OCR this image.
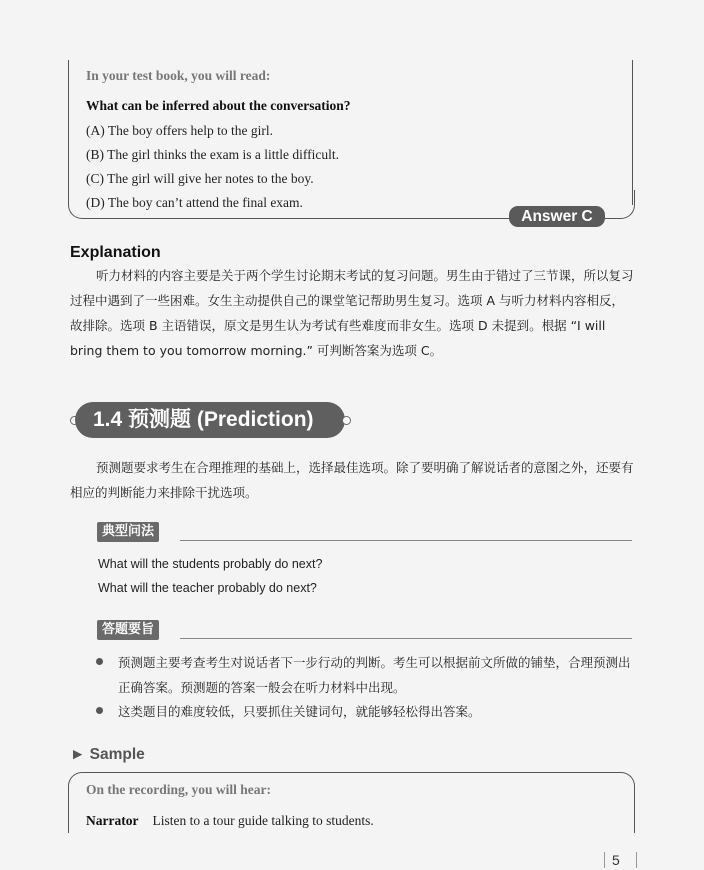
In your test book, you will read:
What can be inferred about the conversation?
(A) The boy offers help to the girl.
(B) The girl thinks the exam is a little difficult.
(C) The girl will give her notes to the boy.
(D) The boy can’t attend the final exam.
Answer C
Explanation
听力材料的内容主要是关于两个学生讨论期末考试的复习问题。男生由于错过了三节课，所以复习过程中遇到了一些困难。女生主动提供自己的课堂笔记帮助男生复习。选项 A 与听力材料内容相反，故排除。选项 B 主语错误，原文是男生认为考试有些难度而非女生。选项 D 未提到。根据 “I will bring them to you tomorrow morning.” 可判断答案为选项 C。
1.4 预测题 (Prediction)
预测题要求考生在合理推理的基础上，选择最佳选项。除了要明确了解说话者的意图之外，还要有相应的判断能力来排除干扰选项。
典型问法
What will the students probably do next?
What will the teacher probably do next?
答题要旨
预测题主要考查考生对说话者下一步行动的判断。考生可以根据前文所做的铺垫，合理预测出正确答案。预测题的答案一般会在听力材料中出现。
这类题目的难度较低，只要抓住关键词句，就能够轻松得出答案。
► Sample
On the recording, you will hear:
Narrator Listen to a tour guide talking to students.
5
